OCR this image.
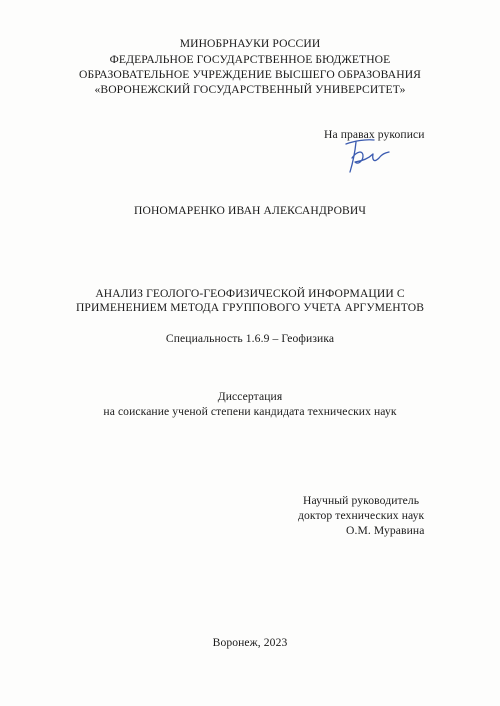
МИНОБРНАУКИ РОССИИ
ФЕДЕРАЛЬНОЕ ГОСУДАРСТВЕННОЕ БЮДЖЕТНОЕ
ОБРАЗОВАТЕЛЬНОЕ УЧРЕЖДЕНИЕ ВЫСШЕГО ОБРАЗОВАНИЯ
«ВОРОНЕЖСКИЙ ГОСУДАРСТВЕННЫЙ УНИВЕРСИТЕТ»
На правах рукописи
ПОНОМАРЕНКО ИВАН АЛЕКСАНДРОВИЧ
АНАЛИЗ ГЕОЛОГО-ГЕОФИЗИЧЕСКОЙ ИНФОРМАЦИИ С
ПРИМЕНЕНИЕМ МЕТОДА ГРУППОВОГО УЧЕТА АРГУМЕНТОВ
Специальность 1.6.9 – Геофизика
Диссертация
на соискание ученой степени кандидата технических наук
Научный руководитель
доктор технических наук
О.М. Муравина
Воронеж, 2023
